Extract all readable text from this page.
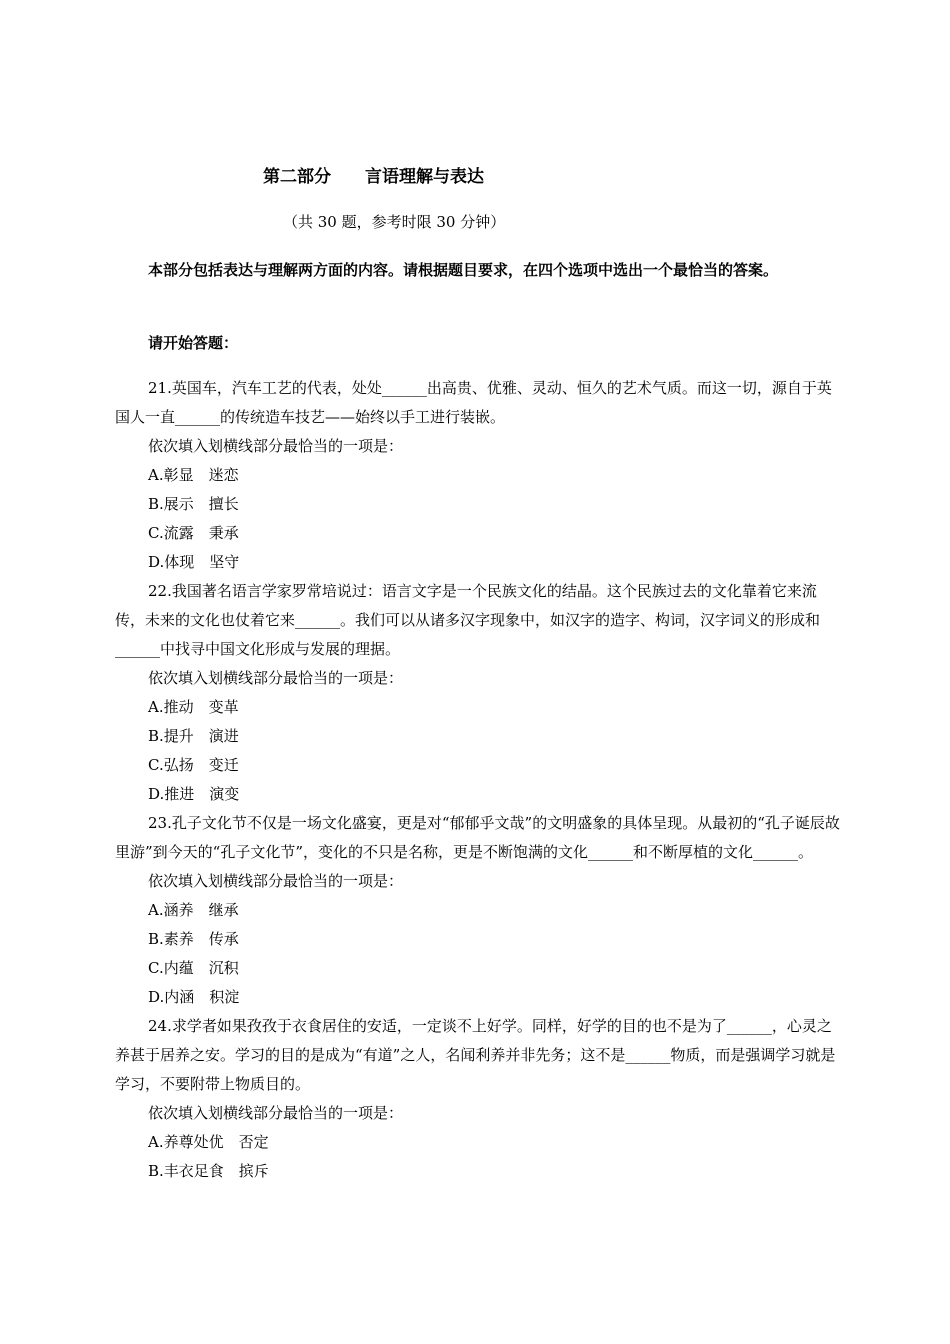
第二部分　　言语理解与表达
（共 30 题，参考时限 30 分钟）

本部分包括表达与理解两方面的内容。请根据题目要求，在四个选项中选出一个最恰当的答案。

请开始答题：

21.英国车，汽车工艺的代表，处处______出高贵、优雅、灵动、恒久的艺术气质。而这一切，源自于英国人一直______的传统造车技艺——始终以手工进行装嵌。

依次填入划横线部分最恰当的一项是：

A.彰显　迷恋
B.展示　擅长
C.流露　秉承
D.体现　坚守

22.我国著名语言学家罗常培说过：语言文字是一个民族文化的结晶。这个民族过去的文化靠着它来流传，未来的文化也仗着它来______。我们可以从诸多汉字现象中，如汉字的造字、构词，汉字词义的形成和______中找寻中国文化形成与发展的理据。

依次填入划横线部分最恰当的一项是：

A.推动　变革
B.提升　演进
C.弘扬　变迁
D.推进　演变

23.孔子文化节不仅是一场文化盛宴，更是对“郁郁乎文哉”的文明盛象的具体呈现。从最初的“孔子诞辰故里游”到今天的“孔子文化节”，变化的不只是名称，更是不断饱满的文化______和不断厚植的文化______。

依次填入划横线部分最恰当的一项是：

A.涵养　继承
B.素养　传承
C.内蕴　沉积
D.内涵　积淀

24.求学者如果孜孜于衣食居住的安适，一定谈不上好学。同样，好学的目的也不是为了______，心灵之养甚于居养之安。学习的目的是成为“有道”之人，名闻利养并非先务；这不是______物质，而是强调学习就是学习，不要附带上物质目的。

依次填入划横线部分最恰当的一项是：

A.养尊处优　否定
B.丰衣足食　摈斥
